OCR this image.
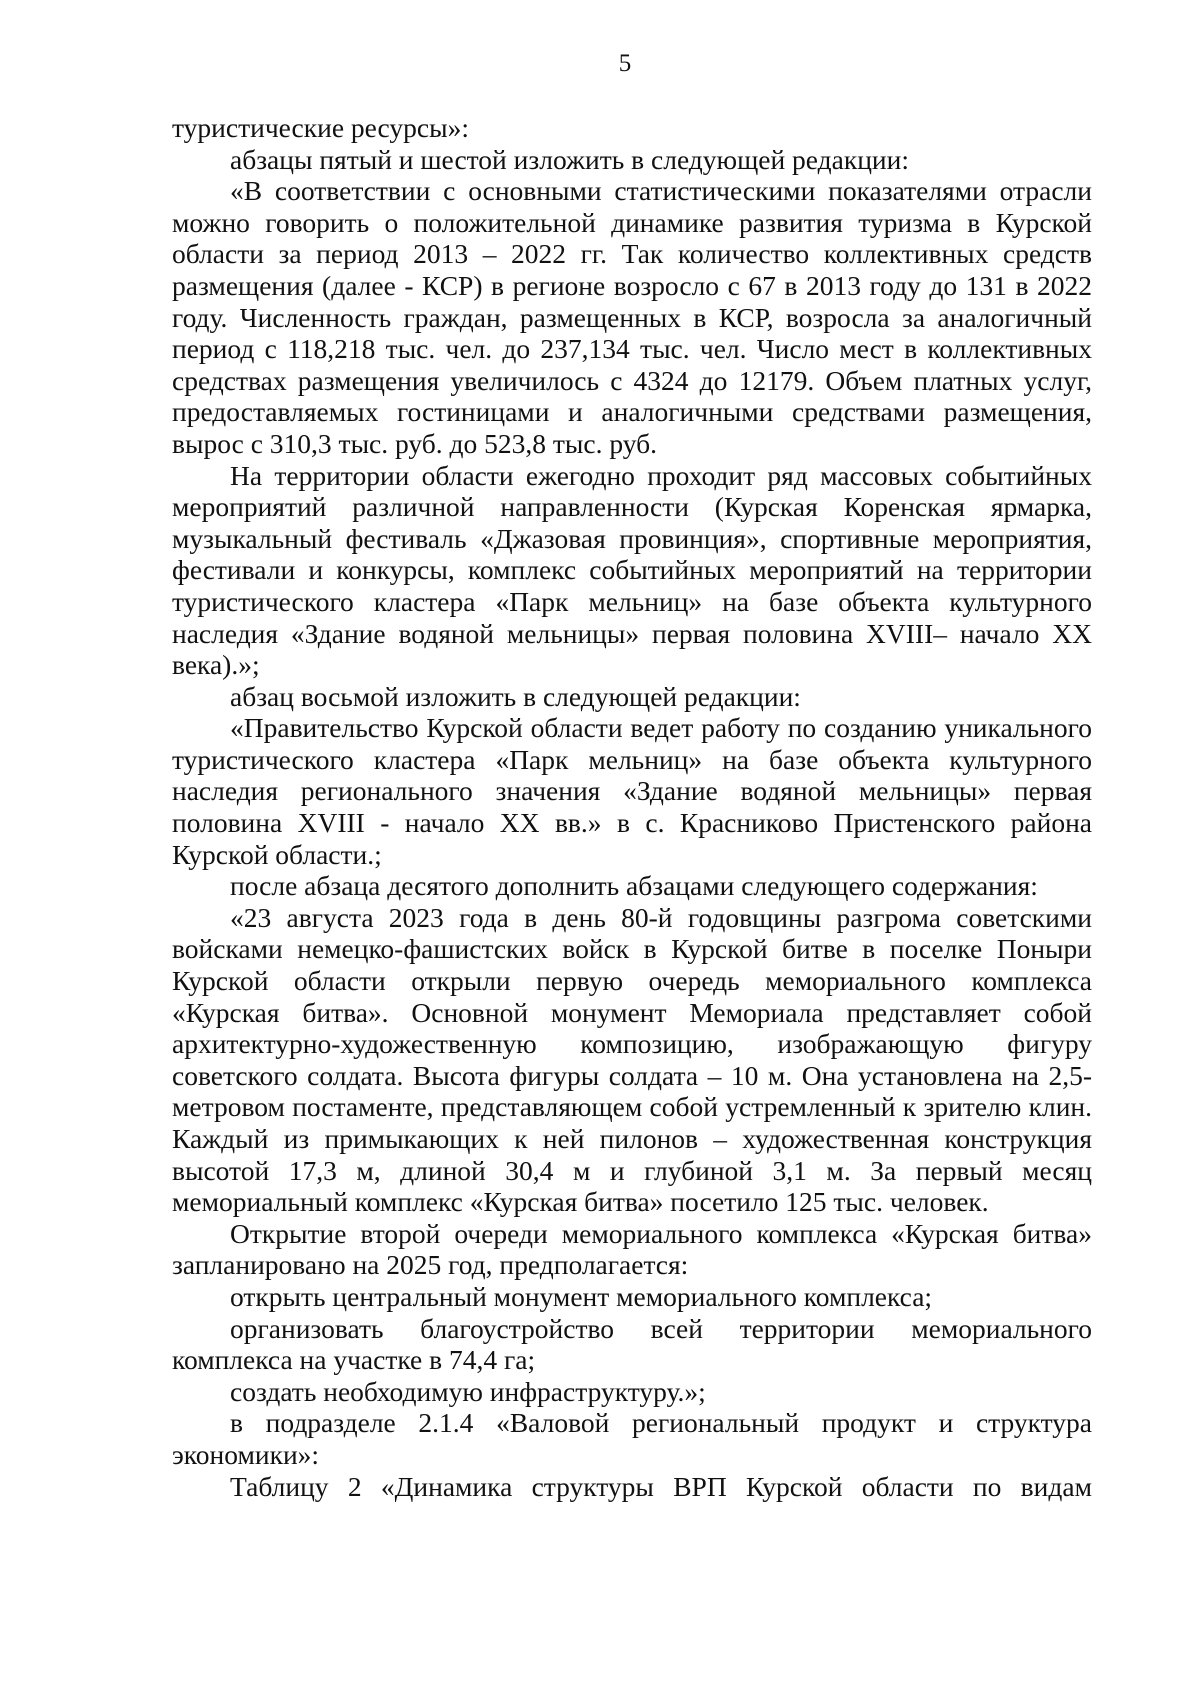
5

туристические ресурсы»:

абзацы пятый и шестой изложить в следующей редакции:

«В соответствии с основными статистическими показателями отрасли можно говорить о положительной динамике развития туризма в Курской области за период 2013 – 2022 гг. Так количество коллективных средств размещения (далее - КСР) в регионе возросло с 67 в 2013 году до 131 в 2022 году. Численность граждан, размещенных в КСР, возросла за аналогичный период с 118,218 тыс. чел. до 237,134 тыс. чел. Число мест в коллективных средствах размещения увеличилось с 4324 до 12179. Объем платных услуг, предоставляемых гостиницами и аналогичными средствами размещения, вырос с 310,3 тыс. руб. до 523,8 тыс. руб.

На территории области ежегодно проходит ряд массовых событийных мероприятий различной направленности (Курская Коренская ярмарка, музыкальный фестиваль «Джазовая провинция», спортивные мероприятия, фестивали и конкурсы, комплекс событийных мероприятий на территории туристического кластера «Парк мельниц» на базе объекта культурного наследия «Здание водяной мельницы» первая половина XVIII– начало XX века).»;

абзац восьмой изложить в следующей редакции:

«Правительство Курской области ведет работу по созданию уникального туристического кластера «Парк мельниц» на базе объекта культурного наследия регионального значения «Здание водяной мельницы» первая половина XVIII - начало XX вв.» в с. Красниково Пристенского района Курской области.;

после абзаца десятого дополнить абзацами следующего содержания:

«23 августа 2023 года в день 80-й годовщины разгрома советскими войсками немецко-фашистских войск в Курской битве в поселке Поныри Курской области открыли первую очередь мемориального комплекса «Курская битва». Основной монумент Мемориала представляет собой архитектурно-художественную композицию, изображающую фигуру советского солдата. Высота фигуры солдата – 10 м. Она установлена на 2,5- метровом постаменте, представляющем собой устремленный к зрителю клин. Каждый из примыкающих к ней пилонов – художественная конструкция высотой 17,3 м, длиной 30,4 м и глубиной 3,1 м. За первый месяц мемориальный комплекс «Курская битва» посетило 125 тыс. человек.

Открытие второй очереди мемориального комплекса «Курская битва» запланировано на 2025 год, предполагается:

открыть центральный монумент мемориального комплекса;

организовать благоустройство всей территории мемориального комплекса на участке в 74,4 га;

создать необходимую инфраструктуру.»;

в подразделе 2.1.4 «Валовой региональный продукт и структура экономики»:

Таблицу 2 «Динамика структуры ВРП Курской области по видам
